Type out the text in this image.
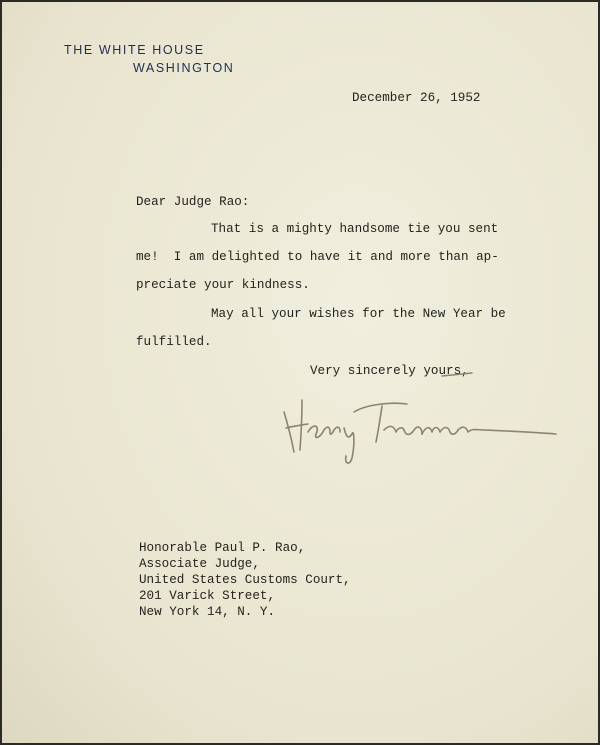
THE WHITE HOUSE
WASHINGTON
December 26, 1952
Dear Judge Rao:
That is a mighty handsome tie you sent
me!  I am delighted to have it and more than ap-
preciate your kindness.
May all your wishes for the New Year be
fulfilled.
Very sincerely yours,
Honorable Paul P. Rao,
Associate Judge,
United States Customs Court,
201 Varick Street,
New York 14, N. Y.
